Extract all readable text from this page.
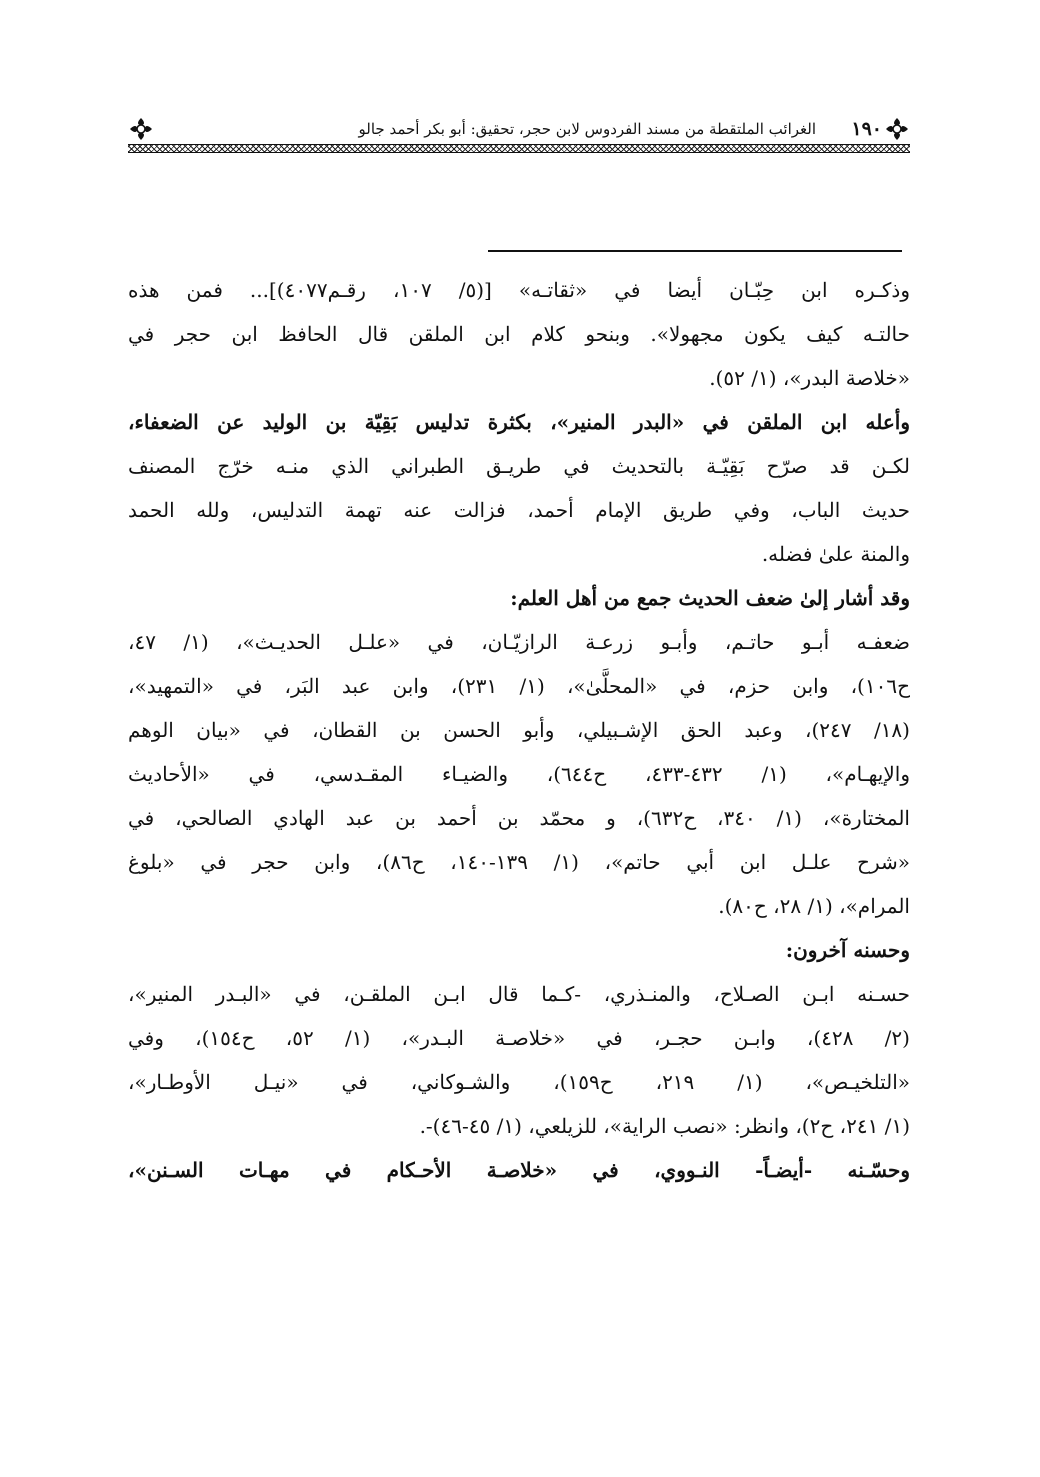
١٩٠
الغرائب الملتقطة من مسند الفردوس لابن حجر، تحقيق: أبو بكر أحمد جالو
وذكـره ابن حِبّـان أيضا في «ثقاتـه» [(٥/ ١٠٧، رقـم٤٠٧٧)]... فمن هذه
حالتـه كيف يكون مجهولا». وبنحو كلام ابن الملقن قال الحافظ ابن حجر في
«خلاصة البدر»، (١/ ٥٢).
وأعله ابن الملقن في «البدر المنير»، بكثرة تدليس بَقِيّة بن الوليد عن الضعفاء،
لكـن قد صرّح بَقِيّـة بالتحديث في طريـق الطبراني الذي منـه خرّج المصنف
حديث الباب، وفي طريق الإمام أحمد، فزالت عنه تهمة التدليس، ولله الحمد
والمنة علىٰ فضله.
وقد أشار إلىٰ ضعف الحديث جمع من أهل العلم:
ضعفـه أبـو حاتـم، وأبـو زرعـة الرازيّـان، في «علـل الحديـث»، (١/ ٤٧،
ح١٠٦)، وابن حزم، في «المحلَّىٰ»، (١/ ٢٣١)، وابن عبد البَر، في «التمهيد»،
(١٨/ ٢٤٧)، وعبد الحق الإشـبيلي، وأبو الحسن بن القطان، في «بيان الوهم
والإيهـام»، (١/ ٤٣٢-٤٣٣، ح٦٤٤)، والضيـاء المقـدسي، في «الأحاديث
المختارة»، (١/ ٣٤٠، ح٦٣٢)، و محمّد بن أحمد بن عبد الهادي الصالحي، في
«شرح علـل ابن أبي حاتم»، (١/ ١٣٩-١٤٠، ح٨٦)، وابن حجر في «بلوغ
المرام»، (١/ ٢٨، ح٨٠).
وحسنه آخرون:
حسـنه ابـن الصـلاح، والمنـذري، -كـما قال ابـن الملقـن، في «البـدر المنير»،
(٢/ ٤٢٨)، وابـن حجـر، في «خلاصـة البـدر»، (١/ ٥٢، ح١٥٤)، وفي
«التلخيـص»، (١/ ٢١٩، ح١٥٩)، والشـوكاني، في «نيـل الأوطـار»،
(١/ ٢٤١، ح٢)، وانظر: «نصب الراية»، للزيلعي، (١/ ٤٥-٤٦)-.
وحسّـنه -أيضـاً- النـووي، في «خلاصـة الأحـكام في مهـات السـنن»،
